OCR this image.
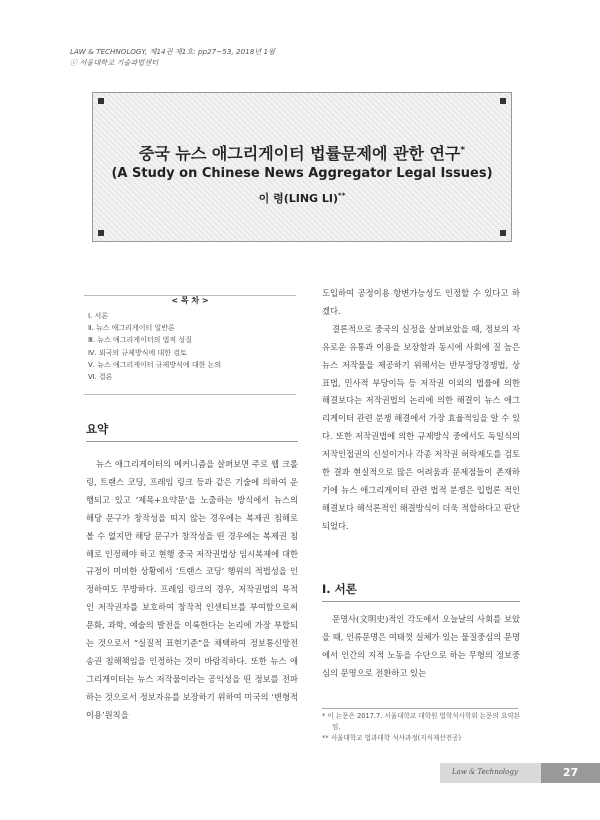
LAW & TECHNOLOGY, 제14권 제1호: pp27~53, 2018년 1월
ⓒ 서울대학교 기술과법센터
중국 뉴스 애그리게이터 법률문제에 관한 연구*
(A Study on Chinese News Aggregator Legal Issues)
이 령(LING LI)**
< 목 차 >
Ⅰ. 서론
Ⅱ. 뉴스 애그리게이터 일반론
Ⅲ. 뉴스 애그리게이터의 법적 성질
Ⅳ. 외국의 규제방식에 대한 검토
Ⅴ. 뉴스 애그리게이터 규제방식에 대한 논의
Ⅵ. 결론
요약

뉴스 애그리게이터의 메커니즘을 살펴보면 주로 웹 크롤링, 트랜스 코딩, 프레임 링크 등과 같은 기술에 의하여 운행되고 있고 ‘제목+요약문’을 노출하는 방식에서 뉴스의 해당 문구가 창작성을 띠지 않는 경우에는 복제권 침해로 볼 수 없지만 해당 문구가 창작성을 띤 경우에는 복제권 침해로 인정해야 하고 현행 중국 저작권법상 임시복제에 대한 규정이 미비한 상황에서 ‘트랜스 코딩’ 행위의 적법성을 인정하여도 무방하다. 프레임 링크의 경우, 저작권법의 목적인 저작권자를 보호하여 창작적 인센티브를 부여함으로써 문화, 과학, 예술의 발전을 이룩한다는 논리에 가장 부합되는 것으로서 “실질적 표현기준”을 채택하여 정보통신망전송권 침해책임을 인정하는 것이 바람직하다. 또한 뉴스 애그리게이터는 뉴스 저작물이라는 공익성을 띤 정보를 전파하는 것으로서 정보자유를 보장하기 위하여 미국의 ‘변형적 이용’원칙을

도입하여 공정이용 항변가능성도 인정할 수 있다고 하겠다.

결론적으로 중국의 실정을 살펴보았을 때, 정보의 자유로운 유통과 이용을 보장함과 동시에 사회에 질 높은 뉴스 저작물을 제공하기 위해서는 반부정당경쟁법, 상표법, 민사적 부당이득 등 저작권 이외의 법률에 의한 해결보다는 저작권법의 논리에 의한 해결이 뉴스 애그리게이터 관련 분쟁 해결에서 가장 효율적임을 알 수 있다. 또한 저작권법에 의한 규제방식 중에서도 독일식의 저작인접권의 신설이거나 각종 저작권 허락제도를 검토한 결과 현실적으로 많은 어려움과 문제점들이 존재하기에 뉴스 애그리게이터 관련 법적 분쟁은 입법론 적인 해결보다 해석론적인 해결방식이 더욱 적합하다고 판단되었다.

Ⅰ. 서론

문명사(文明史)적인 각도에서 오늘날의 사회를 보았을 때, 인류문명은 여태껏 실체가 있는 물질중심의 문명에서 인간의 지적 노동을 수단으로 하는 무형의 정보중심의 문명으로 전환하고 있는

* 이 논문은 2017.7. 서울대학교 대학원 법학석사학위 논문의 요약본임.
** 서울대학교 법과대학 석사과정(지식재산전공)
Law & Technology	27
